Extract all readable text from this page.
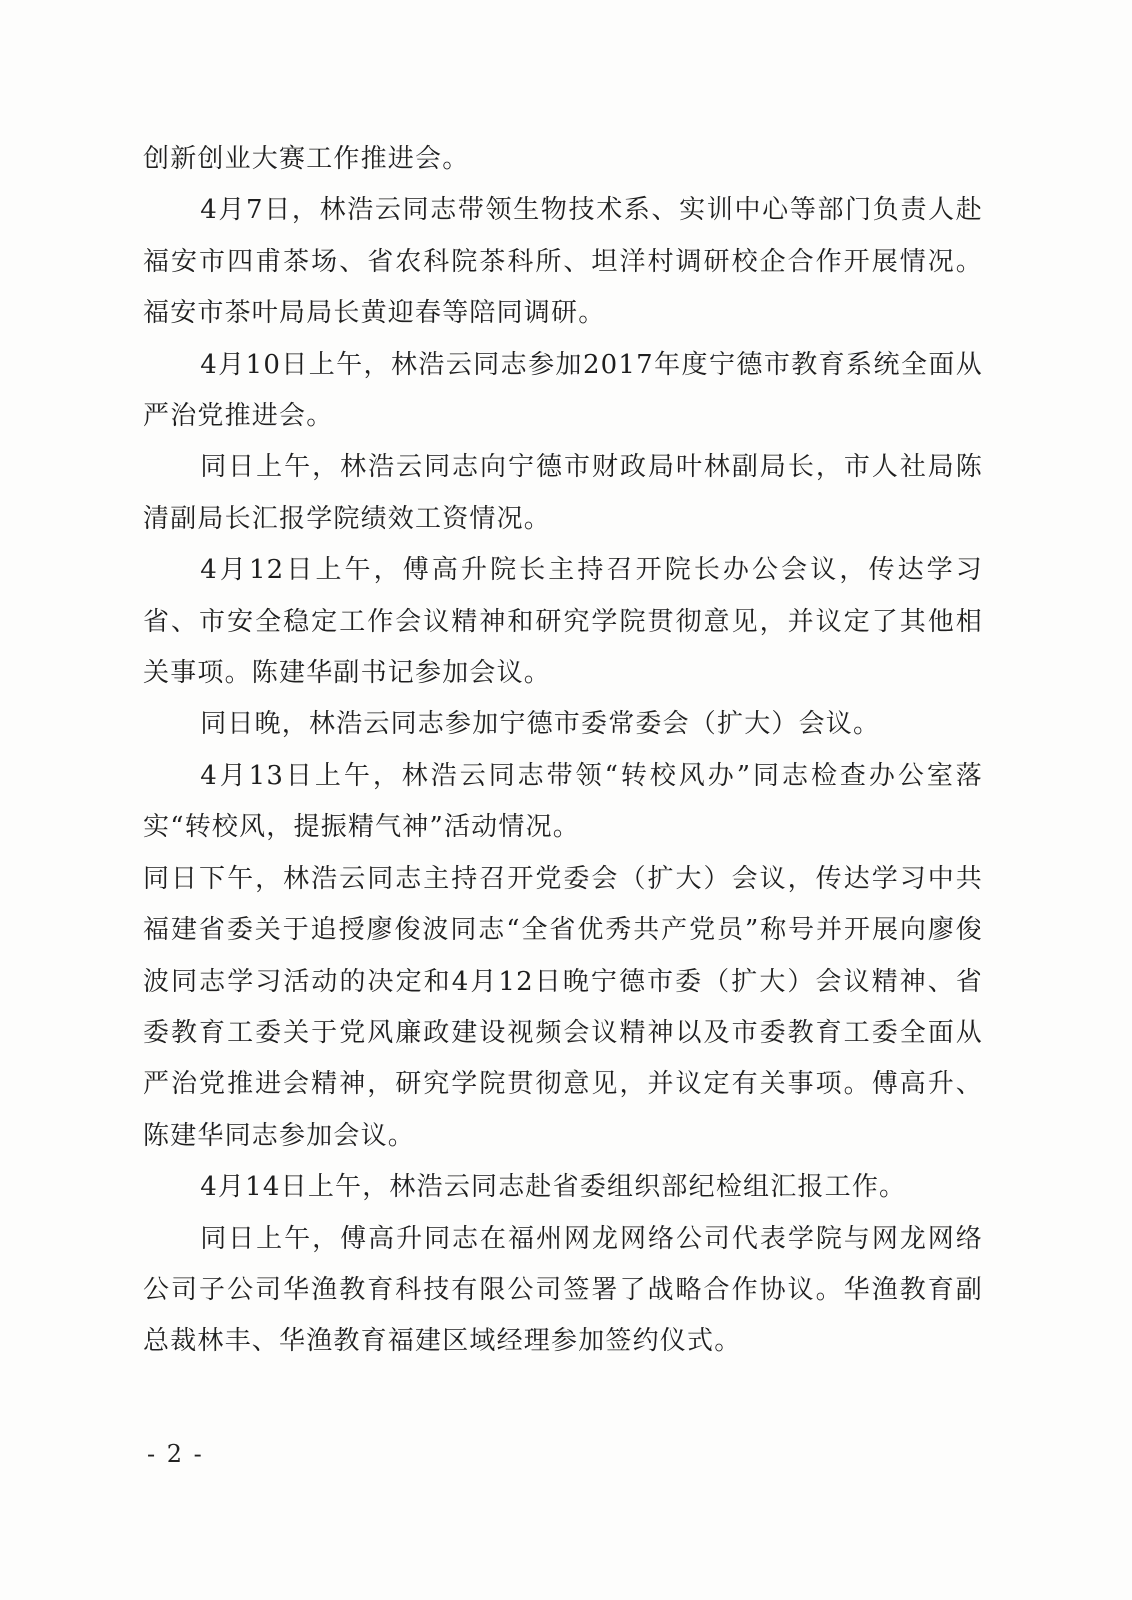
创新创业大赛工作推进会。

4月7日，林浩云同志带领生物技术系、实训中心等部门负责人赴福安市四甫茶场、省农科院茶科所、坦洋村调研校企合作开展情况。福安市茶叶局局长黄迎春等陪同调研。

4月10日上午，林浩云同志参加2017年度宁德市教育系统全面从严治党推进会。

同日上午，林浩云同志向宁德市财政局叶林副局长，市人社局陈清副局长汇报学院绩效工资情况。

4月12日上午，傅高升院长主持召开院长办公会议，传达学习省、市安全稳定工作会议精神和研究学院贯彻意见，并议定了其他相关事项。陈建华副书记参加会议。

同日晚，林浩云同志参加宁德市委常委会（扩大）会议。

4月13日上午，林浩云同志带领“转校风办”同志检查办公室落实“转校风，提振精气神”活动情况。

同日下午，林浩云同志主持召开党委会（扩大）会议，传达学习中共福建省委关于追授廖俊波同志“全省优秀共产党员”称号并开展向廖俊波同志学习活动的决定和4月12日晚宁德市委（扩大）会议精神、省委教育工委关于党风廉政建设视频会议精神以及市委教育工委全面从严治党推进会精神，研究学院贯彻意见，并议定有关事项。傅高升、陈建华同志参加会议。

4月14日上午，林浩云同志赴省委组织部纪检组汇报工作。

同日上午，傅高升同志在福州网龙网络公司代表学院与网龙网络公司子公司华渔教育科技有限公司签署了战略合作协议。华渔教育副总裁林丰、华渔教育福建区域经理参加签约仪式。

- 2 -
